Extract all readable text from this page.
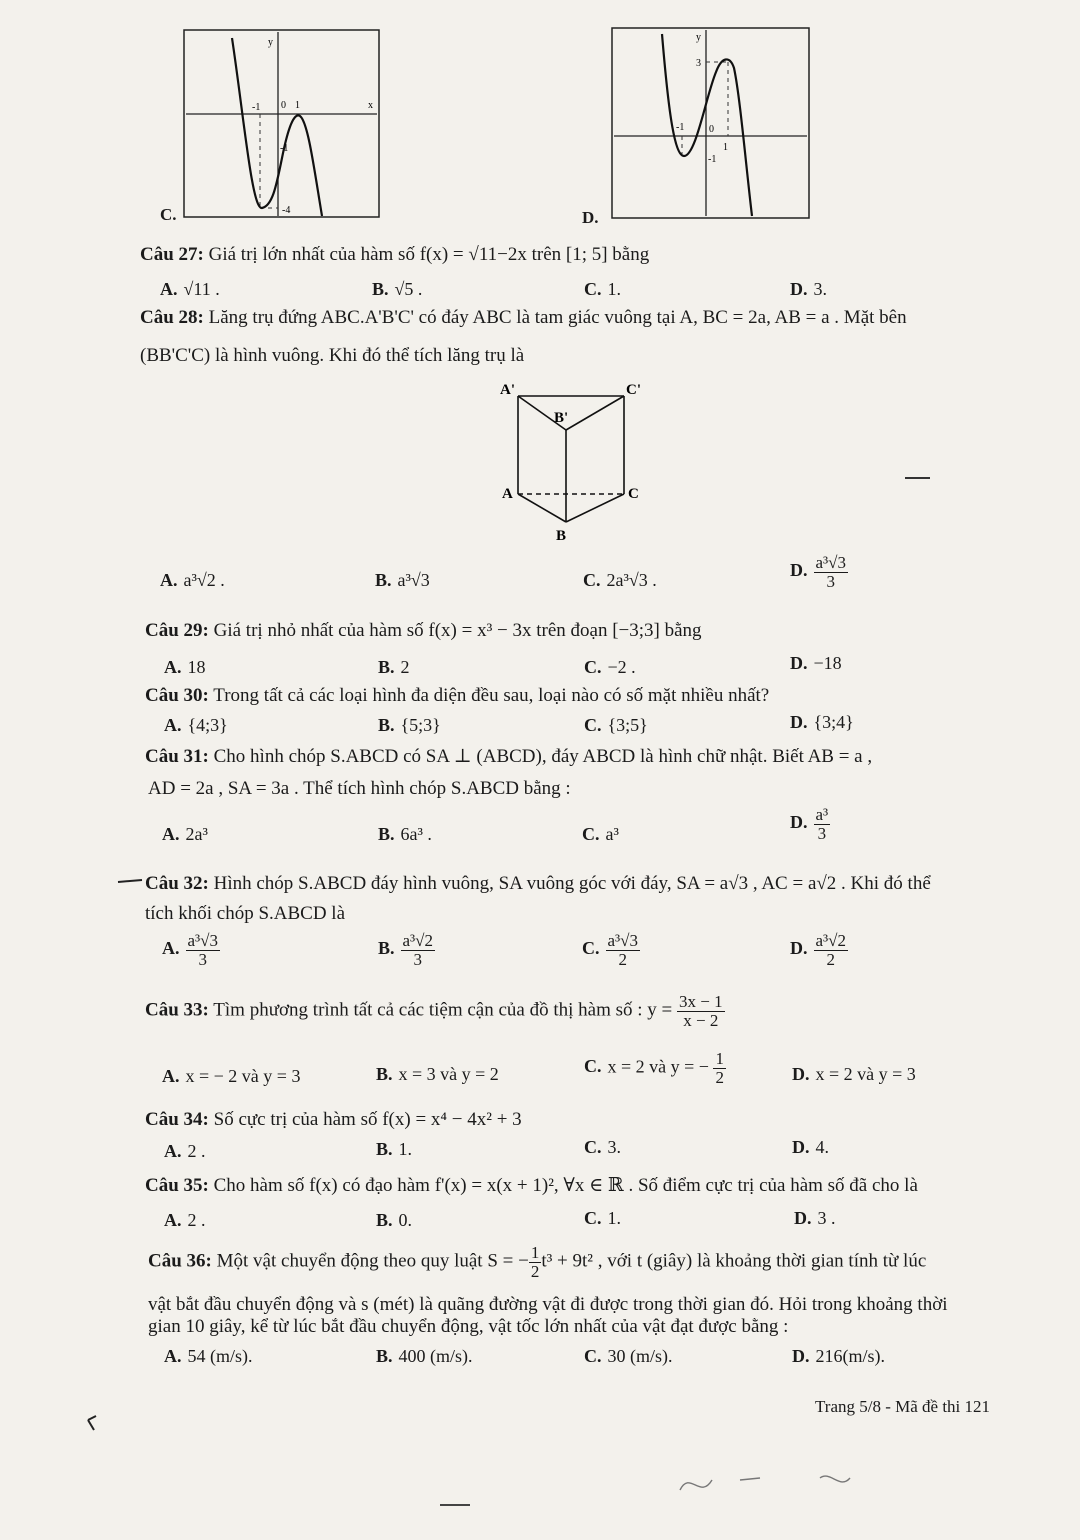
C.
y
x
-1 0 1
-1
-4	D.
y
3
-1 0
1
-1
Câu 27: Giá trị lớn nhất của hàm số f(x) = √11−2x trên [1; 5] bằng
A. √11 .	B. √5 .	C. 1.	D. 3.
Câu 28: Lăng trụ đứng ABC.A'B'C' có đáy ABC là tam giác vuông tại A, BC = 2a, AB = a . Mặt bên
(BB'C'C) là hình vuông. Khi đó thể tích lăng trụ là
A'	C'
B'
A	C
B
A. a³√2 .	B. a³√3	C. 2a³√3 .	D. $\frac{\text{a³√3}}{3}$
Câu 29: Giá trị nhỏ nhất của hàm số f(x) = x³ − 3x trên đoạn [−3;3] bằng
A. 18	B. 2	C. −2 .	D. −18
Câu 30: Trong tất cả các loại hình đa diện đều sau, loại nào có số mặt nhiều nhất?
A. {4;3}	B. {5;3}	C. {3;5}	D. {3;4}
Câu 31: Cho hình chóp S.ABCD có SA ⊥ (ABCD), đáy ABCD là hình chữ nhật. Biết AB = a ,
AD = 2a , SA = 3a . Thể tích hình chóp S.ABCD bằng :
A. 2a³	B. 6a³ .	C. a³
D. $\frac{\text{a³}}{3}$
Câu 32: Hình chóp S.ABCD đáy hình vuông, SA vuông góc với đáy, SA = a√3 , AC = a√2 . Khi đó thể
tích khối chóp S.ABCD là
A. $\frac{\text{a³√3}}{3}$	B. $\frac{\text{a³√2}}{3}$	C. $\frac{\text{a³√3}}{2}$	D. $\frac{\text{a³√2}}{2}$
Câu 33: Tìm phương trình tất cả các tiệm cận của đồ thị hàm số : $y = \frac{3x - 1}{x - 2}$
A. x = − 2 và y = 3	B. x = 3 và y = 2	C. x = 2 và y = − $\frac{1}{2}$	D. x = 2 và y = 3
Câu 34: Số cực trị của hàm số f(x) = x⁴ − 4x² + 3
A. 2 .	B. 1.	C. 3.	D. 4.
Câu 35: Cho hàm số f(x) có đạo hàm f'(x) = x(x + 1)², ∀x ∈ ℝ . Số điểm cực trị của hàm số đã cho là
A. 2 .	B. 0.	C. 1.	D. 3 .
Câu 36: Một vật chuyển động theo quy luật S = − $\frac{1}{2} t^3 + 9t^2$ , với t (giây) là khoảng thời gian tính từ lúc
vật bắt đầu chuyển động và s (mét) là quãng đường vật đi được trong thời gian đó. Hỏi trong khoảng thời
gian 10 giây, kể từ lúc bắt đầu chuyển động, vật tốc lớn nhất của vật đạt được bằng :
A. 54 (m/s).	B. 400 (m/s).	C. 30 (m/s).	D. 216(m/s).
Trang 5/8 - Mã đề thi 121
